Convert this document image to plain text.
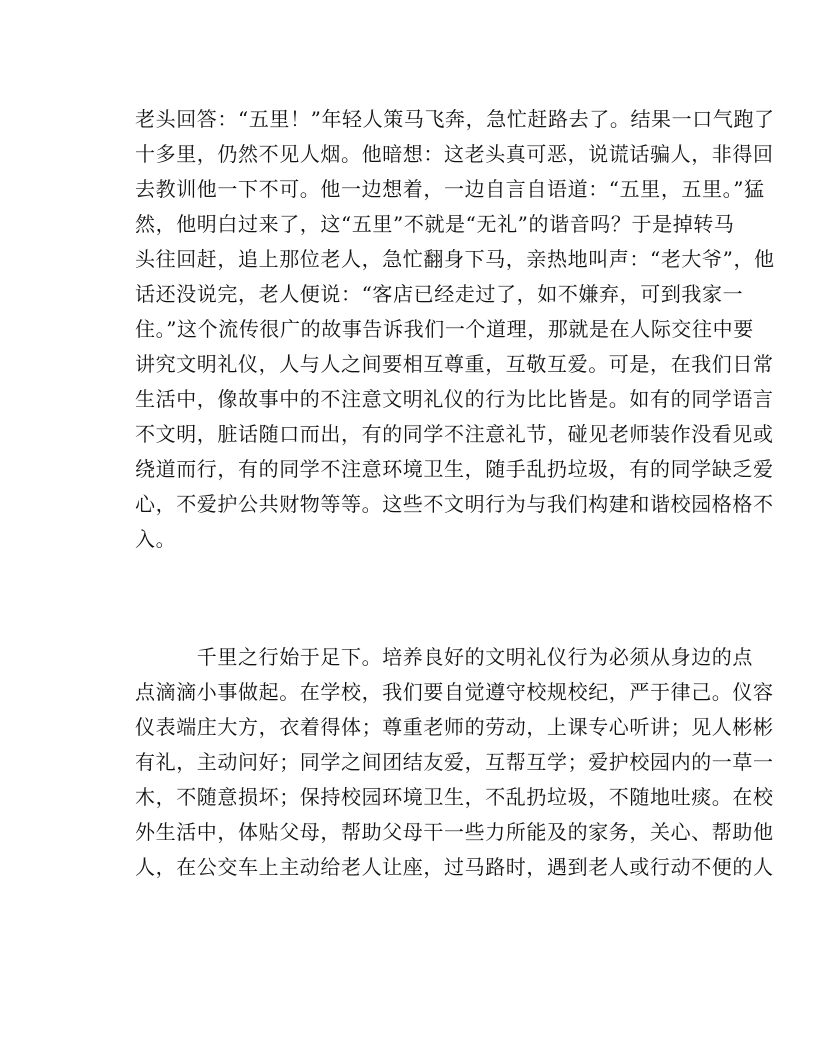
老头回答：“五里！”年轻人策马飞奔，急忙赶路去了。结果一口气跑了
十多里，仍然不见人烟。他暗想：这老头真可恶，说谎话骗人，非得回
去教训他一下不可。他一边想着，一边自言自语道：“五里，五里。”猛
然，他明白过来了，这“五里”不就是“无礼”的谐音吗？于是掉转马
头往回赶，追上那位老人，急忙翻身下马，亲热地叫声：“老大爷”，他
话还没说完，老人便说：“客店已经走过了，如不嫌弃，可到我家一
住。”这个流传很广的故事告诉我们一个道理，那就是在人际交往中要
讲究文明礼仪，人与人之间要相互尊重，互敬互爱。可是，在我们日常
生活中，像故事中的不注意文明礼仪的行为比比皆是。如有的同学语言
不文明，脏话随口而出，有的同学不注意礼节，碰见老师装作没看见或
绕道而行，有的同学不注意环境卫生，随手乱扔垃圾，有的同学缺乏爱
心，不爱护公共财物等等。这些不文明行为与我们构建和谐校园格格不
入。
　　　千里之行始于足下。培养良好的文明礼仪行为必须从身边的点
点滴滴小事做起。在学校，我们要自觉遵守校规校纪，严于律己。仪容
仪表端庄大方，衣着得体；尊重老师的劳动，上课专心听讲；见人彬彬
有礼，主动问好；同学之间团结友爱，互帮互学；爱护校园内的一草一
木，不随意损坏；保持校园环境卫生，不乱扔垃圾，不随地吐痰。在校
外生活中，体贴父母，帮助父母干一些力所能及的家务，关心、帮助他
人，在公交车上主动给老人让座，过马路时，遇到老人或行动不便的人
